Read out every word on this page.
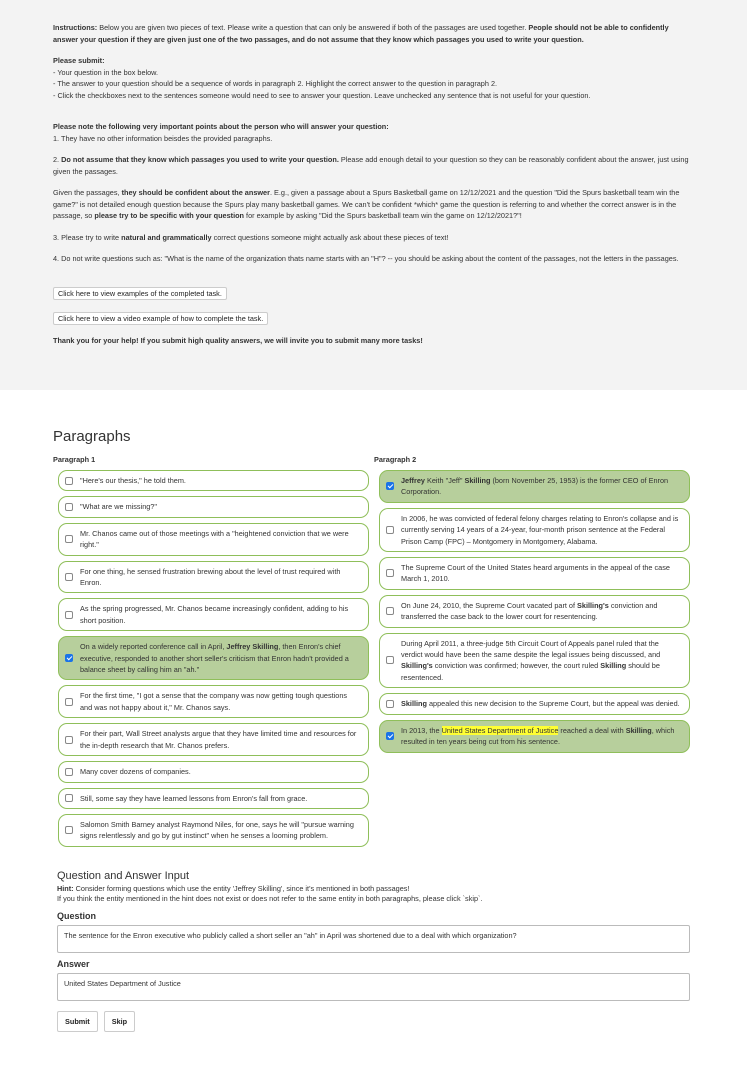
Instructions: Below you are given two pieces of text. Please write a question that can only be answered if both of the passages are used together. People should not be able to confidently answer your question if they are given just one of the two passages, and do not assume that they know which passages you used to write your question.

Please submit:
- Your question in the box below.
- The answer to your question should be a sequence of words in paragraph 2. Highlight the correct answer to the question in paragraph 2.
- Click the checkboxes next to the sentences someone would need to see to answer your question. Leave unchecked any sentence that is not useful for your question.

Please note the following very important points about the person who will answer your question:
1. They have no other information beisdes the provided paragraphs.

2. Do not assume that they know which passages you used to write your question. Please add enough detail to your question so they can be reasonably confident about the answer, just using given the passages.

Given the passages, they should be confident about the answer. E.g., given a passage about a Spurs Basketball game on 12/12/2021 and the question "Did the Spurs basketball team win the game?" is not detailed enough question because the Spurs play many basketball games. We can't be confident *which* game the question is referring to and whether the correct answer is in the passage, so please try to be specific with your question for example by asking "Did the Spurs basketball team win the game on 12/12/2021?"!

3. Please try to write natural and grammatically correct questions someone might actually ask about these pieces of text!

4. Do not write questions such as: "What is the name of the organization thats name starts with an "H"? -- you should be asking about the content of the passages, not the letters in the passages.

Click here to view examples of the completed task.
Click here to view a video example of how to complete the task.

Thank you for your help! If you submit high quality answers, we will invite you to submit many more tasks!

Paragraphs
Paragraph 1
"Here's our thesis," he told them.
"What are we missing?"
Mr. Chanos came out of those meetings with a "heightened conviction that we were right."
For one thing, he sensed frustration brewing about the level of trust required with Enron.
As the spring progressed, Mr. Chanos became increasingly confident, adding to his short position.
On a widely reported conference call in April, Jeffrey Skilling, then Enron's chief executive, responded to another short seller's criticism that Enron hadn't provided a balance sheet by calling him an "ah."
For the first time, "I got a sense that the company was now getting tough questions and was not happy about it," Mr. Chanos says.
For their part, Wall Street analysts argue that they have limited time and resources for the in-depth research that Mr. Chanos prefers.
Many cover dozens of companies.
Still, some say they have learned lessons from Enron's fall from grace.
Salomon Smith Barney analyst Raymond Niles, for one, says he will "pursue warning signs relentlessly and go by gut instinct" when he senses a looming problem.
Paragraph 2
Jeffrey Keith "Jeff" Skilling (born November 25, 1953) is the former CEO of Enron Corporation.
In 2006, he was convicted of federal felony charges relating to Enron's collapse and is currently serving 14 years of a 24-year, four-month prison sentence at the Federal Prison Camp (FPC) – Montgomery in Montgomery, Alabama.
The Supreme Court of the United States heard arguments in the appeal of the case March 1, 2010.
On June 24, 2010, the Supreme Court vacated part of Skilling's conviction and transferred the case back to the lower court for resentencing.
During April 2011, a three-judge 5th Circuit Court of Appeals panel ruled that the verdict would have been the same despite the legal issues being discussed, and Skilling's conviction was confirmed; however, the court ruled Skilling should be resentenced.
Skilling appealed this new decision to the Supreme Court, but the appeal was denied.
In 2013, the United States Department of Justice reached a deal with Skilling, which resulted in ten years being cut from his sentence.
Question and Answer Input
Hint: Consider forming questions which use the entity 'Jeffrey Skilling', since it's mentioned in both passages!
If you think the entity mentioned in the hint does not exist or does not refer to the same entity in both paragraphs, please click `skip`.
Question
The sentence for the Enron executive who publicly called a short seller an "ah" in April was shortened due to a deal with which organization?
Answer
United States Department of Justice
Submit	Skip
